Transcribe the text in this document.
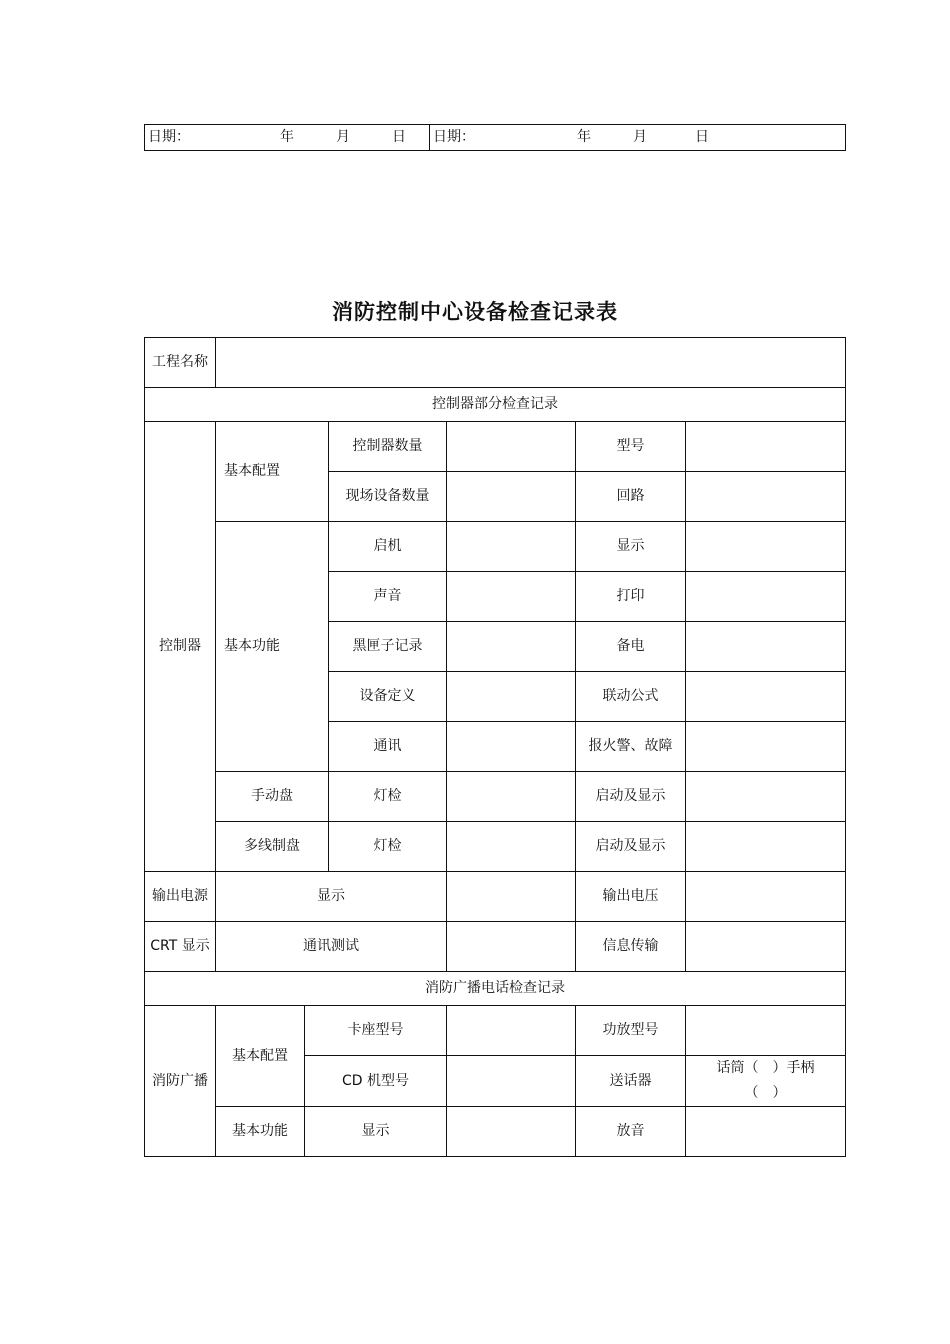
日期：	年	月	日	日期：	年	月	日
消防控制中心设备检查记录表
工程名称						
控制器部分检查记录						
控制器	基本配置		控制器数量		型号	
			现场设备数量		回路	
	基本功能		启机		显示	
			声音		打印	
			黑匣子记录		备电	
			设备定义		联动公式	
			通讯		报火警、故障	
	手动盘		灯检		启动及显示	
	多线制盘		灯检		启动及显示	
输出电源	显示				输出电压	
CRT 显示	通讯测试				信息传输	
消防广播电话检查记录						
消防广播	基本配置	卡座型号			功放型号	
		CD 机型号			送话器	话筒（　）手柄（　）
	基本功能	显示			放音	
